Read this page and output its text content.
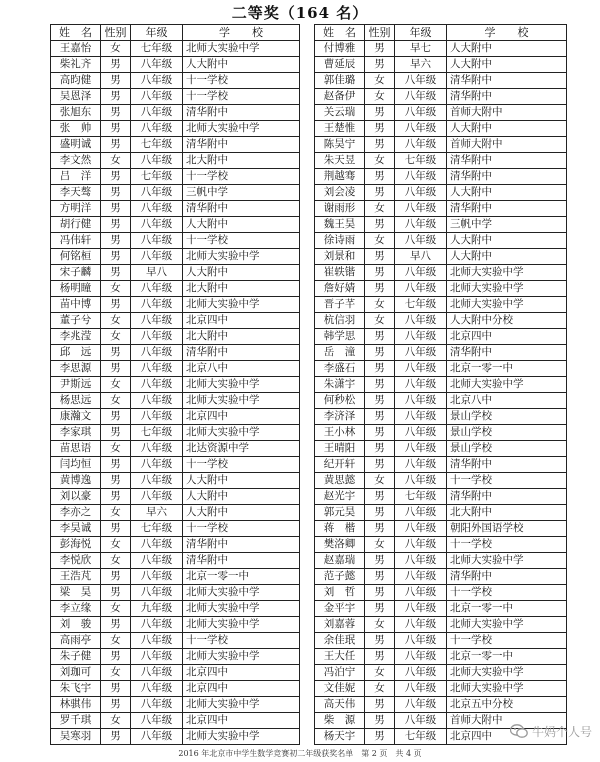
二等奖（164 名）
姓　名	性别	年级	学　　校
王嘉怡	女	七年级	北师大实验中学
柴礼齐	男	八年级	人大附中
高昀健	男	八年级	十一学校
吴恩泽	男	八年级	十一学校
张旭东	男	八年级	清华附中
张　帅	男	八年级	北师大实验中学
盛明诚	男	七年级	清华附中
李文然	女	八年级	北大附中
吕　洋	男	七年级	十一学校
李天骜	男	八年级	三帆中学
方明洋	男	八年级	清华附中
胡行健	男	八年级	人大附中
冯伟轩	男	八年级	十一学校
何铭桓	男	八年级	北师大实验中学
宋子麟	男	早八	人大附中
杨明瞳	女	八年级	北大附中
苗中博	男	八年级	北师大实验中学
董子兮	女	八年级	北京四中
李兆滢	女	八年级	北大附中
邱　远	男	八年级	清华附中
李思源	男	八年级	北京八中
尹斯远	女	八年级	北师大实验中学
杨思远	女	八年级	北师大实验中学
康瀚文	男	八年级	北京四中
李家琪	男	七年级	北师大实验中学
苗思语	女	八年级	北达资源中学
闫均恒	男	八年级	十一学校
黄博逸	男	八年级	人大附中
刘以豪	男	八年级	人大附中
李亦之	女	早六	人大附中
李昊诚	男	七年级	十一学校
彭海悦	女	八年级	清华附中
李悦欣	女	八年级	清华附中
王浩芃	男	八年级	北京一零一中
梁　昊	男	八年级	北师大实验中学
李立缘	女	九年级	北师大实验中学
刘　骏	男	八年级	北师大实验中学
高雨亭	女	八年级	十一学校
朱子健	男	八年级	北师大实验中学
刘珈可	女	八年级	北京四中
朱飞宇	男	八年级	北京四中
林骐伟	男	八年级	北师大实验中学
罗千琪	女	八年级	北京四中
吴寒羽	男	八年级	北师大实验中学
姓　名	性别	年级	学　　校
付博雅	男	早七	人大附中
曹延辰	男	早六	人大附中
郭佳璐	女	八年级	清华附中
赵备伊	女	八年级	清华附中
关云瑞	男	八年级	首师大附中
王楚惟	男	八年级	人大附中
陈昊宁	男	八年级	首师大附中
朱天昱	女	七年级	清华附中
荆越骞	男	八年级	清华附中
刘会凌	男	八年级	人大附中
谢雨形	女	八年级	清华附中
魏王昊	男	八年级	三帆中学
徐诗雨	女	八年级	人大附中
刘景和	男	早八	人大附中
崔轶锴	男	八年级	北师大实验中学
詹好婧	男	八年级	北师大实验中学
晋子芊	女	七年级	北师大实验中学
杭信羽	女	八年级	人大附中分校
韩学思	男	八年级	北京四中
岳　潼	男	八年级	清华附中
李盛石	男	八年级	北京一零一中
朱潇宇	男	八年级	北师大实验中学
何秒松	男	八年级	北京八中
李济泽	男	八年级	景山学校
王小林	男	八年级	景山学校
王晴阳	男	八年级	景山学校
纪开轩	男	八年级	清华附中
黄思懿	女	八年级	十一学校
赵光宇	男	七年级	清华附中
郭元昊	男	八年级	北大附中
蒋　楷	男	八年级	朝阳外国语学校
樊洛卿	女	八年级	十一学校
赵嘉瑞	男	八年级	北师大实验中学
范子懿	男	八年级	清华附中
刘　哲	男	八年级	十一学校
金平宇	男	八年级	北京一零一中
刘嘉蓉	女	八年级	北师大实验中学
余佳珉	男	八年级	十一学校
王大任	男	八年级	北京一零一中
冯泊宁	女	八年级	北师大实验中学
文佳妮	女	八年级	北师大实验中学
高天伟	男	八年级	北京五中分校
柴　源	男	八年级	首师大附中
杨天宇	男	七年级	北京四中
2016 年北京市中学生数学竞赛初二年级获奖名单　第 2 页　共 4 页
牛妈个人号
